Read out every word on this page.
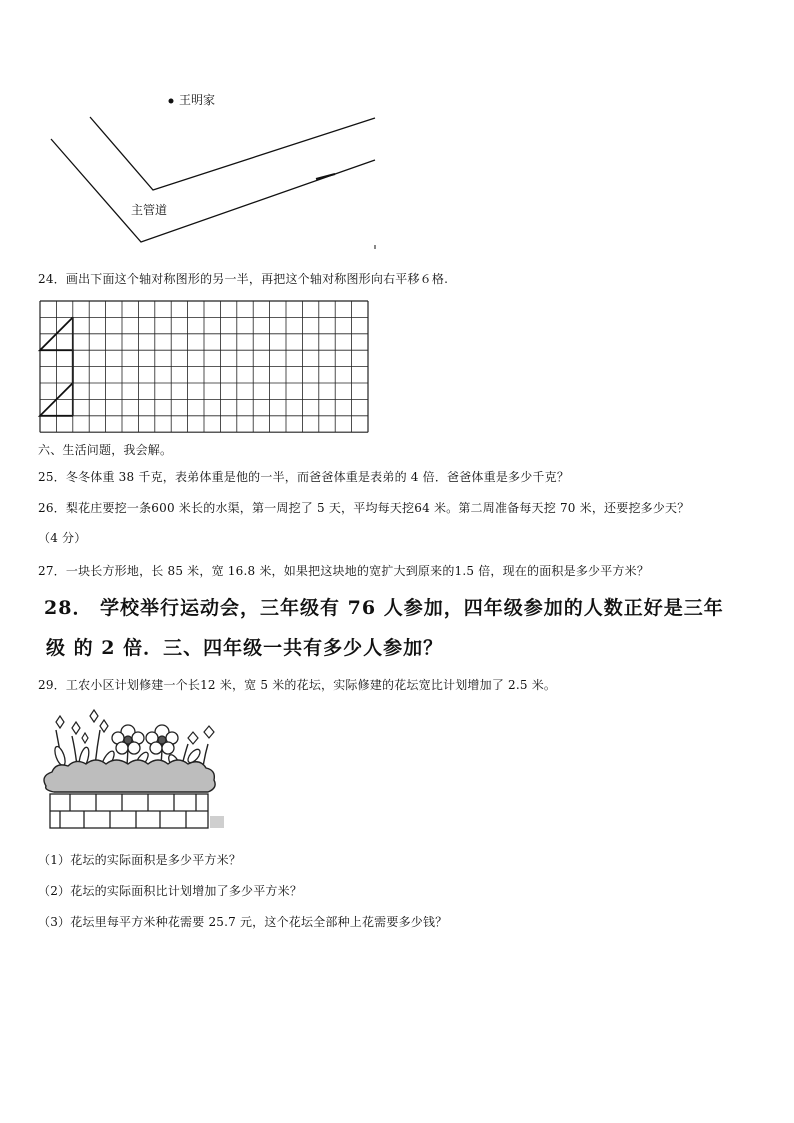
王明家
主管道
24．画出下面这个轴对称图形的另一半，再把这个轴对称图形向右平移６格.
六、生活问题，我会解。
25．冬冬体重 38 千克，表弟体重是他的一半，而爸爸体重是表弟的 4 倍．爸爸体重是多少千克？
26．梨花庄要挖一条600 米长的水渠，第一周挖了 5 天，平均每天挖64 米。第二周准备每天挖 70 米，还要挖多少天？
（4 分）
27．一块长方形地，长 85 米，宽 16.8 米，如果把这块地的宽扩大到原来的1.5 倍，现在的面积是多少平方米？
28． 学校举行运动会，三年级有 76 人参加，四年级参加的人数正好是三年
级 的 2 倍．三、四年级一共有多少人参加？
29．工农小区计划修建一个长12 米，宽 5 米的花坛，实际修建的花坛宽比计划增加了 2.5 米。
（1）花坛的实际面积是多少平方米？
（2）花坛的实际面积比计划增加了多少平方米？
（3）花坛里每平方米种花需要 25.7 元，这个花坛全部种上花需要多少钱？
